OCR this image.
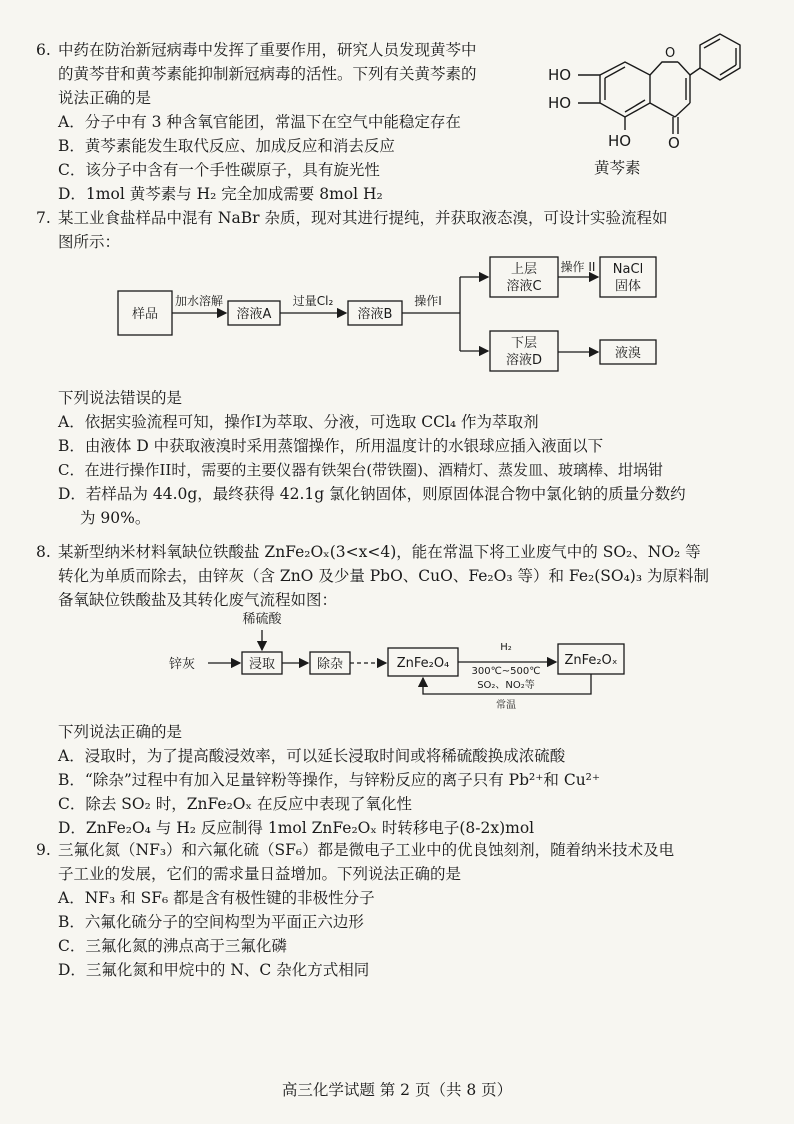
6. 中药在防治新冠病毒中发挥了重要作用，研究人员发现黄芩中
的黄芩苷和黄芩素能抑制新冠病毒的活性。下列有关黄芩素的
说法正确的是
A．分子中有 3 种含氧官能团，常温下在空气中能稳定存在
B．黄芩素能发生取代反应、加成反应和消去反应
C．该分子中含有一个手性碳原子，具有旋光性
D．1mol 黄芩素与 H₂ 完全加成需要 8mol H₂
HO
HO
HO O
O
黄芩素
7. 某工业食盐样品中混有 NaBr 杂质，现对其进行提纯，并获取液态溴，可设计实验流程如
图所示：
样品
加水溶解
溶液A
过量Cl₂
溶液B
操作I
上层
溶液C
操作 II NaCl
固体
下层
溶液D	液溴
下列说法错误的是
A．依据实验流程可知，操作I为萃取、分液，可选取 CCl₄ 作为萃取剂
B．由液体 D 中获取液溴时采用蒸馏操作，所用温度计的水银球应插入液面以下
C．在进行操作II时，需要的主要仪器有铁架台(带铁圈)、酒精灯、蒸发皿、玻璃棒、坩埚钳
D．若样品为 44.0g，最终获得 42.1g 氯化钠固体，则原固体混合物中氯化钠的质量分数约
为 90%。
8. 某新型纳米材料氧缺位铁酸盐 ZnFe₂Oₓ(3<x<4)，能在常温下将工业废气中的 SO₂、NO₂ 等
转化为单质而除去，由锌灰（含 ZnO 及少量 PbO、CuO、Fe₂O₃ 等）和 Fe₂(SO₄)₃ 为原料制
备氧缺位铁酸盐及其转化废气流程如图：
稀硫酸
锌灰	浸取	除杂	ZnFe₂O₄
H₂
300℃~500℃
ZnFe₂Oₓ
SO₂、NO₂等
常温
下列说法正确的是
A．浸取时，为了提高酸浸效率，可以延长浸取时间或将稀硫酸换成浓硫酸
B．“除杂”过程中有加入足量锌粉等操作，与锌粉反应的离子只有 Pb²⁺和 Cu²⁺
C．除去 SO₂ 时，ZnFe₂Oₓ 在反应中表现了氧化性
D．ZnFe₂O₄ 与 H₂ 反应制得 1mol ZnFe₂Oₓ 时转移电子(8-2x)mol
9. 三氟化氮（NF₃）和六氟化硫（SF₆）都是微电子工业中的优良蚀刻剂，随着纳米技术及电
子工业的发展，它们的需求量日益增加。下列说法正确的是
A．NF₃ 和 SF₆ 都是含有极性键的非极性分子
B．六氟化硫分子的空间构型为平面正六边形
C．三氟化氮的沸点高于三氟化磷
D．三氟化氮和甲烷中的 N、C 杂化方式相同
高三化学试题 第 2 页（共 8 页）
